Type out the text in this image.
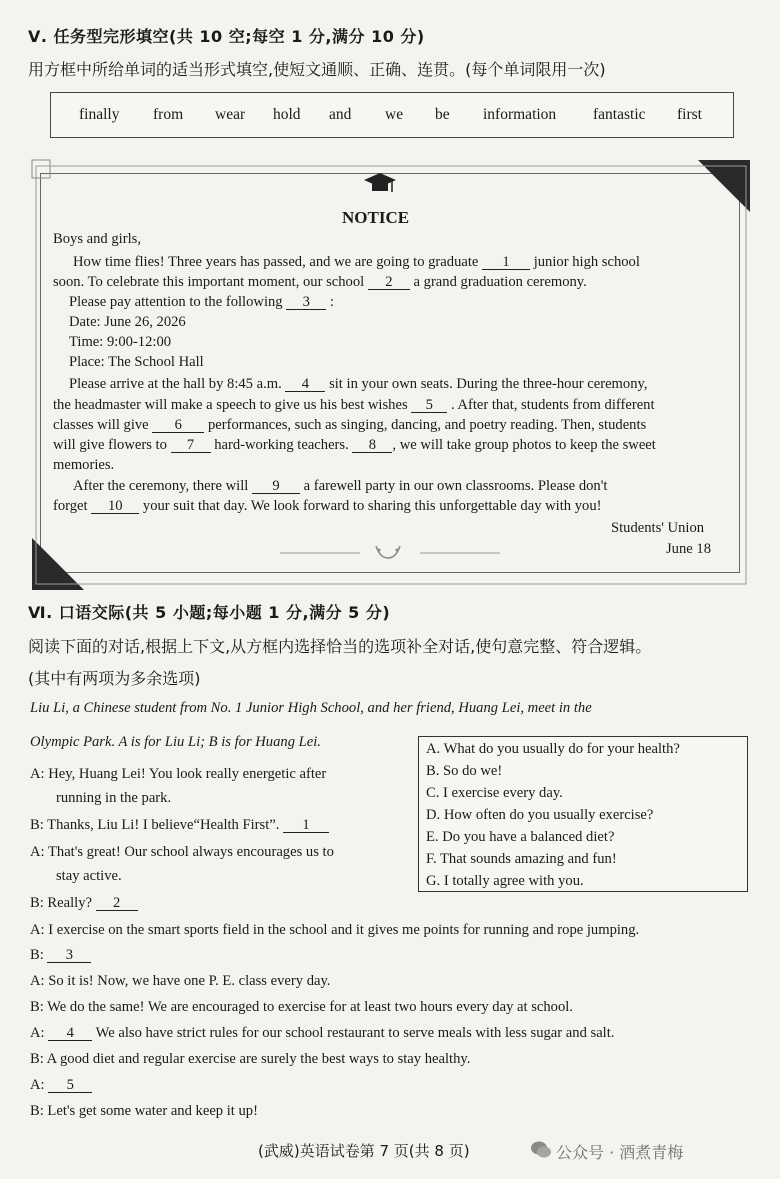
Ⅴ. 任务型完形填空(共 10 空;每空 1 分,满分 10 分)
用方框中所给单词的适当形式填空,使短文通顺、正确、连贯。(每个单词限用一次)
finally from wear hold and we be information fantastic first
NOTICE
Boys and girls,
How time flies! Three years has passed, and we are going to graduate 1 junior high school
soon. To celebrate this important moment, our school 2 a grand graduation ceremony.
Please pay attention to the following 3 :
Date: June 26, 2026
Time: 9:00-12:00
Place: The School Hall
Please arrive at the hall by 8:45 a.m. 4 sit in your own seats. During the three-hour ceremony,
the headmaster will make a speech to give us his best wishes 5 . After that, students from different
classes will give 6 performances, such as singing, dancing, and poetry reading. Then, students
will give flowers to 7 hard-working teachers. 8 , we will take group photos to keep the sweet
memories.
After the ceremony, there will 9 a farewell party in our own classrooms. Please don't
forget 10 your suit that day. We look forward to sharing this unforgettable day with you!
Students' Union
June 18
Ⅵ. 口语交际(共 5 小题;每小题 1 分,满分 5 分)
阅读下面的对话,根据上下文,从方框内选择恰当的选项补全对话,使句意完整、符合逻辑。
(其中有两项为多余选项)
Liu Li, a Chinese student from No. 1 Junior High School, and her friend, Huang Lei, meet in the
Olympic Park. A is for Liu Li; B is for Huang Lei.	A. What do you usually do for your health?
B. So do we!
C. I exercise every day.
D. How often do you usually exercise?
E. Do you have a balanced diet?
F. That sounds amazing and fun!
G. I totally agree with you.
A: Hey, Huang Lei! You look really energetic after
running in the park.
B: Thanks, Liu Li! I believe“Health First”. 1
A: That's great! Our school always encourages us to
stay active.
B: Really? 2
A: I exercise on the smart sports field in the school and it gives me points for running and rope jumping.
B: 3
A: So it is! Now, we have one P. E. class every day.
B: We do the same! We are encouraged to exercise for at least two hours every day at school.
A: 4 We also have strict rules for our school restaurant to serve meals with less sugar and salt.
B: A good diet and regular exercise are surely the best ways to stay healthy.
A: 5
B: Let's get some water and keep it up!
(武威)英语试卷第 7 页(共 8 页)	公众号 · 酒煮青梅
